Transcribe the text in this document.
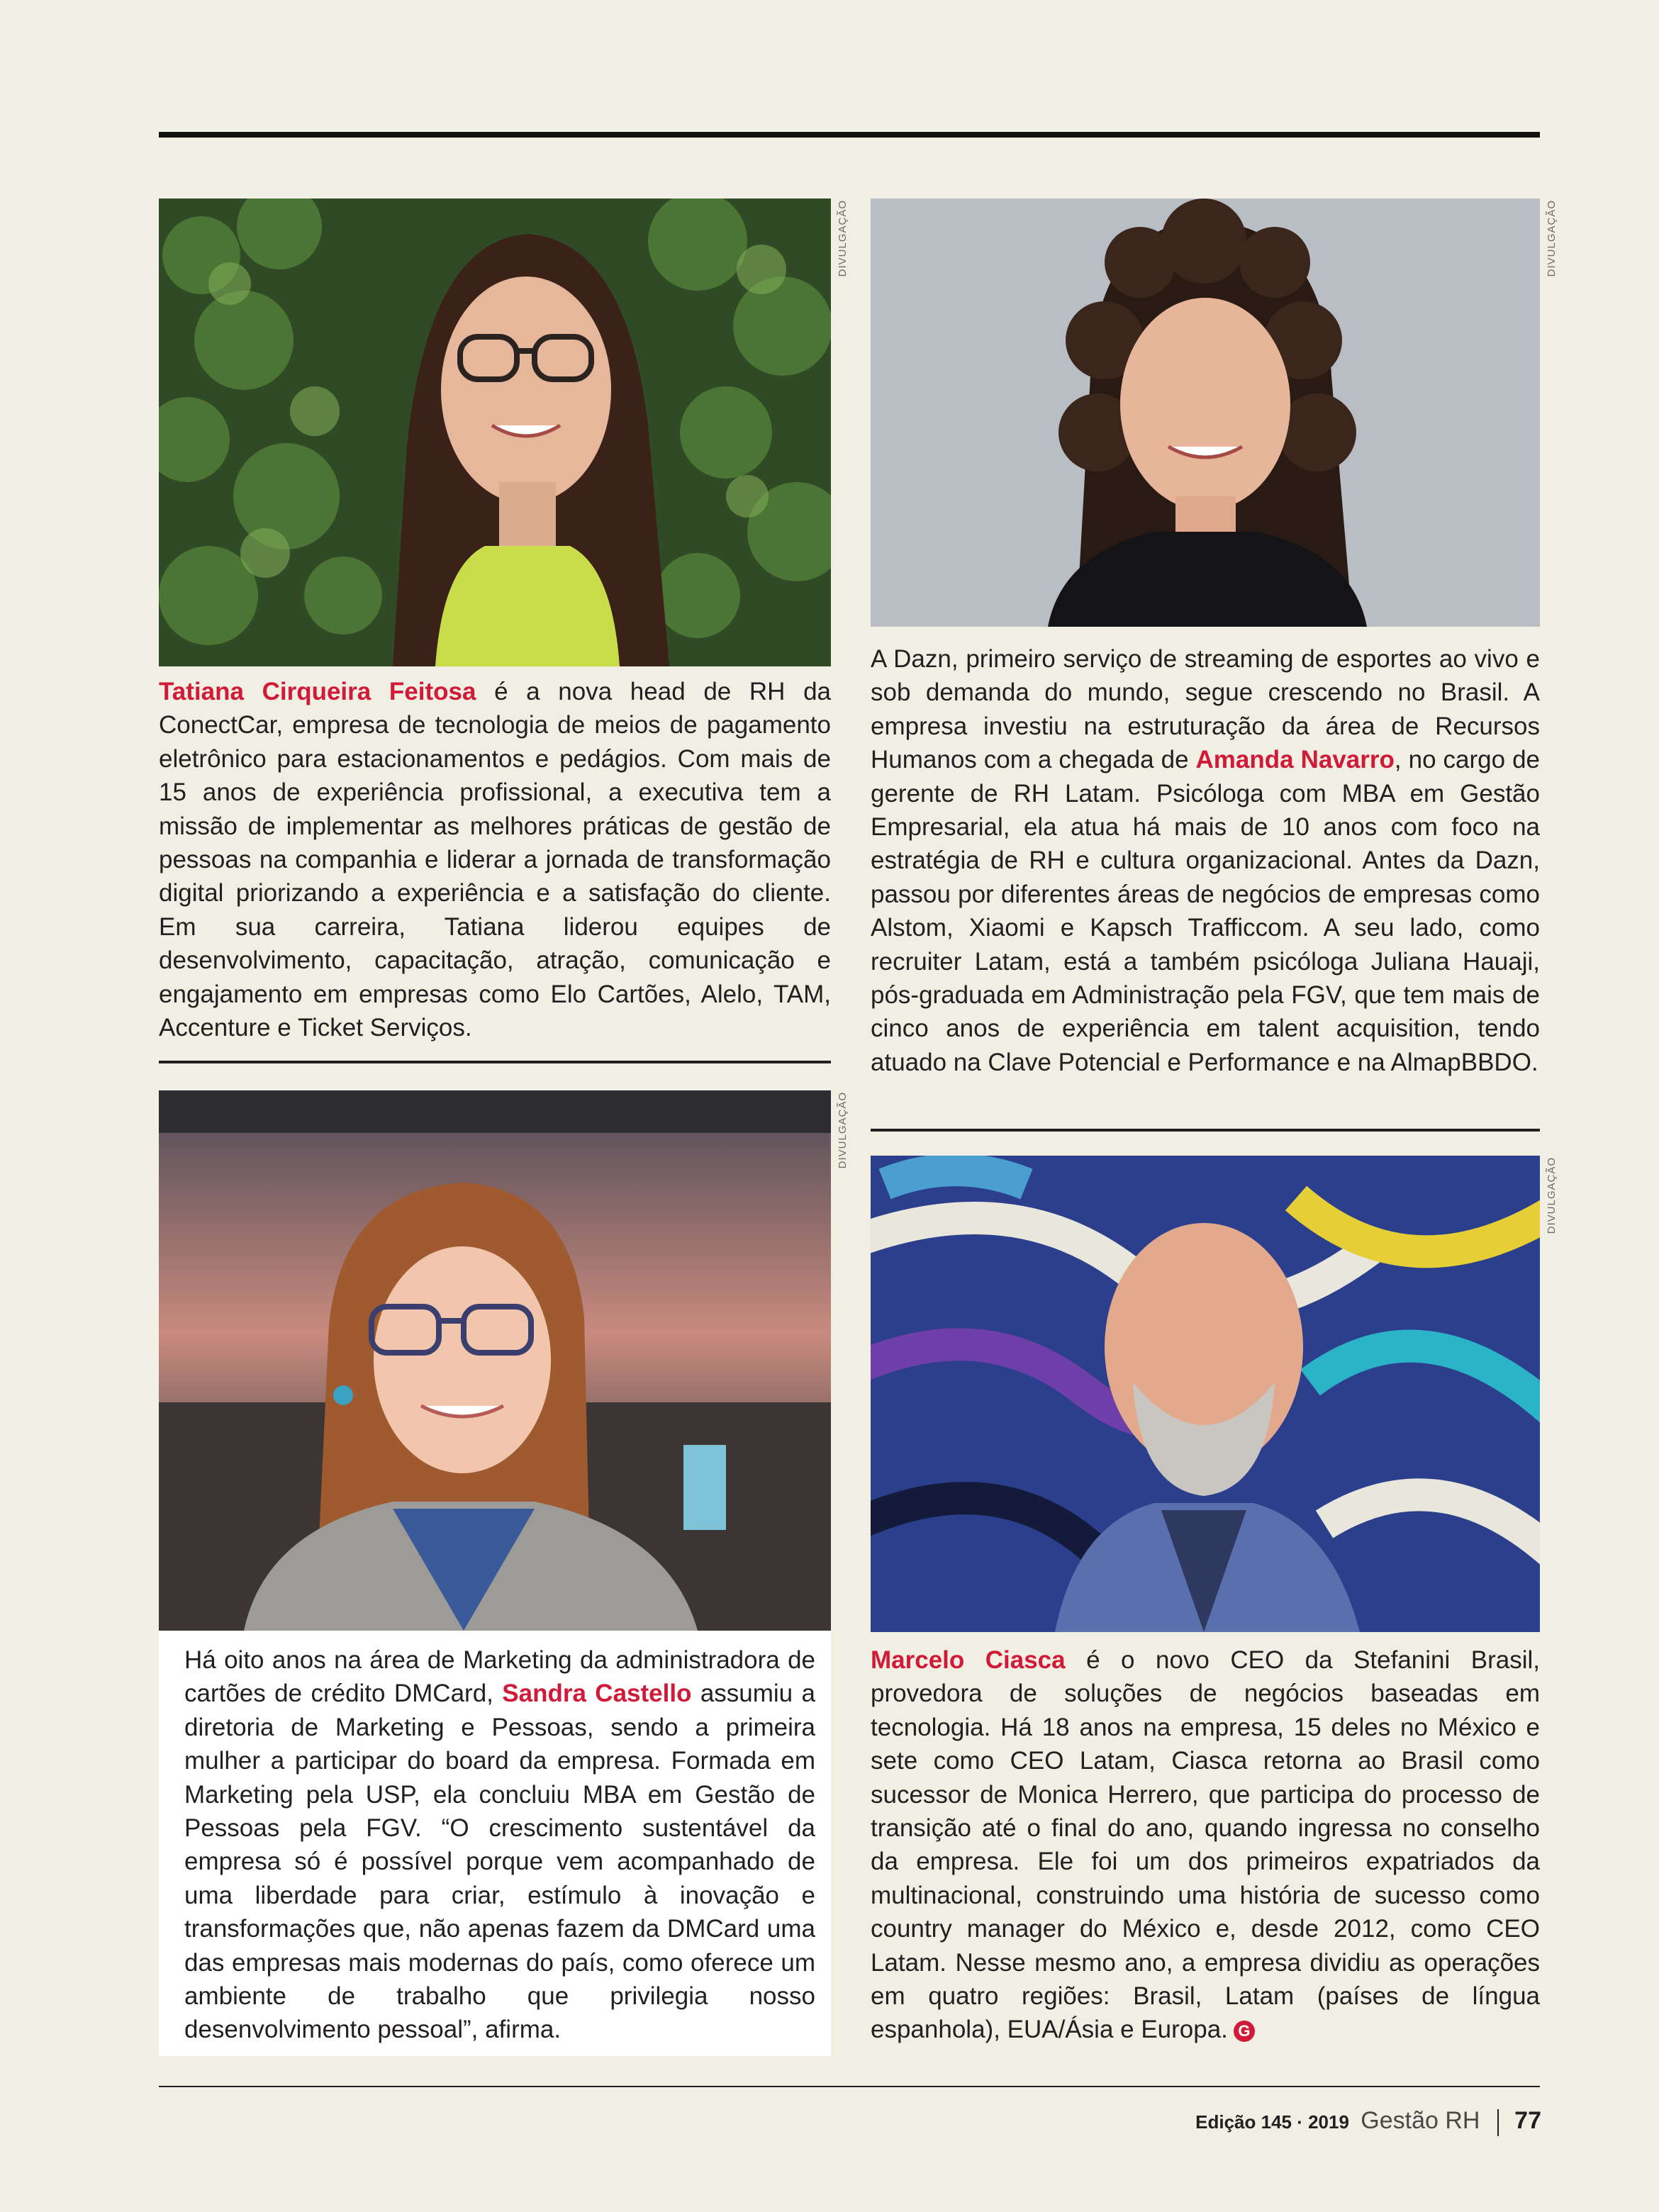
DIVULGAÇÃO	DIVULGAÇÃO
Tatiana Cirqueira Feitosa é a nova head de RH da ConectCar, empresa de tecnologia de meios de pagamento eletrônico para estacionamentos e pedágios. Com mais de 15 anos de experiência profissional, a executiva tem a missão de implementar as melhores práticas de gestão de pessoas na companhia e liderar a jornada de transformação digital priorizando a experiência e a satisfação do cliente. Em sua carreira, Tatiana liderou equipes de desenvolvimento, capacitação, atração, comunicação e engajamento em empresas como Elo Cartões, Alelo, TAM, Accenture e Ticket Serviços.
A Dazn, primeiro serviço de streaming de esportes ao vivo e sob demanda do mundo, segue crescendo no Brasil. A empresa investiu na estruturação da área de Recursos Humanos com a chegada de Amanda Navarro, no cargo de gerente de RH Latam. Psicóloga com MBA em Gestão Empresarial, ela atua há mais de 10 anos com foco na estratégia de RH e cultura organizacional. Antes da Dazn, passou por diferentes áreas de negócios de empresas como Alstom, Xiaomi e Kapsch Trafficcom. A seu lado, como recruiter Latam, está a também psicóloga Juliana Hauaji, pós-graduada em Administração pela FGV, que tem mais de cinco anos de experiência em talent acquisition, tendo atuado na Clave Potencial e Performance e na AlmapBBDO.
DIVULGAÇÃO
DIVULGAÇÃO
Há oito anos na área de Marketing da administradora de cartões de crédito DMCard, Sandra Castello assumiu a diretoria de Marketing e Pessoas, sendo a primeira mulher a participar do board da empresa. Formada em Marketing pela USP, ela concluiu MBA em Gestão de Pessoas pela FGV. “O crescimento sustentável da empresa só é possível porque vem acompanhado de uma liberdade para criar, estímulo à inovação e transformações que, não apenas fazem da DMCard uma das empresas mais modernas do país, como oferece um ambiente de trabalho que privilegia nosso desenvolvimento pessoal”, afirma.
Marcelo Ciasca é o novo CEO da Stefanini Brasil, provedora de soluções de negócios baseadas em tecnologia. Há 18 anos na empresa, 15 deles no México e sete como CEO Latam, Ciasca retorna ao Brasil como sucessor de Monica Herrero, que participa do processo de transição até o final do ano, quando ingressa no conselho da empresa. Ele foi um dos primeiros expatriados da multinacional, construindo uma história de sucesso como country manager do México e, desde 2012, como CEO Latam. Nesse mesmo ano, a empresa dividiu as operações em quatro regiões: Brasil, Latam (países de língua espanhola), EUA/Ásia e Europa. G
Edição 145 · 2019 Gestão RH 77
